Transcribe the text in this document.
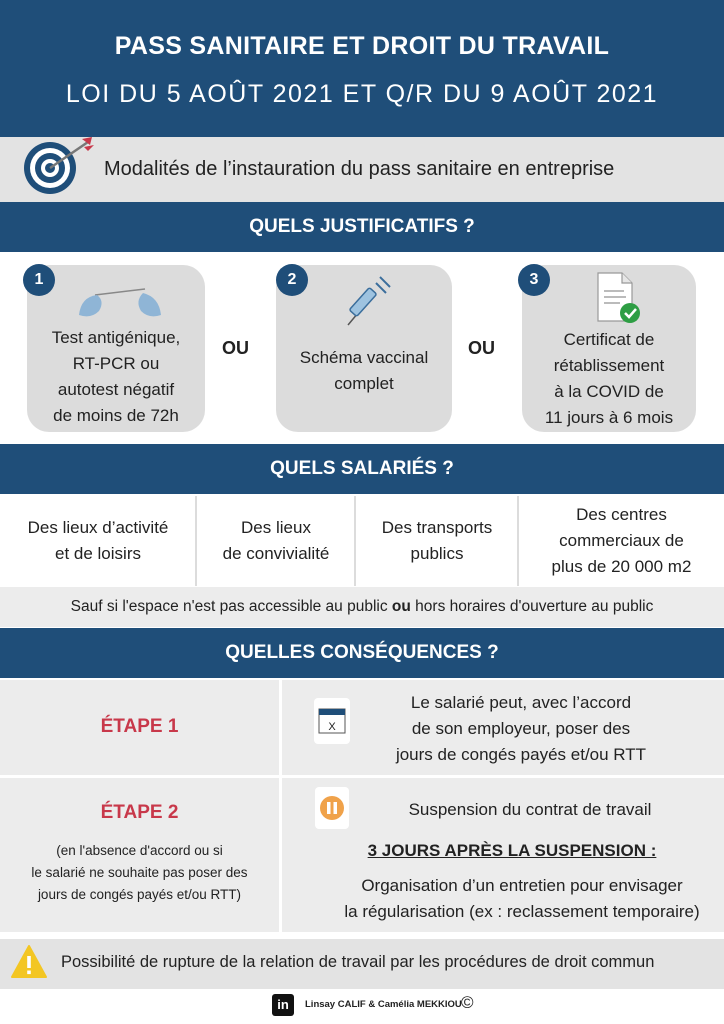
PASS SANITAIRE ET DROIT DU TRAVAIL
LOI DU 5 AOÛT 2021 ET Q/R DU 9 AOÛT 2021
Modalités de l’instauration du pass sanitaire en entreprise
QUELS JUSTIFICATIFS ?
Test antigénique,
RT-PCR ou
autotest négatif
de moins de 72h
1
OU	Schéma vaccinal
complet
2
OU	Certificat de
rétablissement
à la COVID de
11 jours à 6 mois
3
QUELS SALARIÉS ?
Des lieux d’activité
et de loisirs
Des lieux
de convivialité
Des transports
publics
Des centres
commerciaux de
plus de 20 000 m2
Sauf si l'espace n'est pas accessible au public ou hors horaires d'ouverture au public
QUELLES CONSÉQUENCES ?
ÉTAPE 1	X
Le salarié peut, avec l’accord
de son employeur, poser des
jours de congés payés et/ou RTT
ÉTAPE 2
(en l'absence d'accord ou si
le salarié ne souhaite pas poser des
jours de congés payés et/ou RTT)
Suspension du contrat de travail
3 JOURS APRÈS LA SUSPENSION :
Organisation d’un entretien pour envisager
la régularisation (ex : reclassement temporaire)
Possibilité de rupture de la relation de travail par les procédures de droit commun
in	Linsay CALIF & Camélia MEKKIOU ©
